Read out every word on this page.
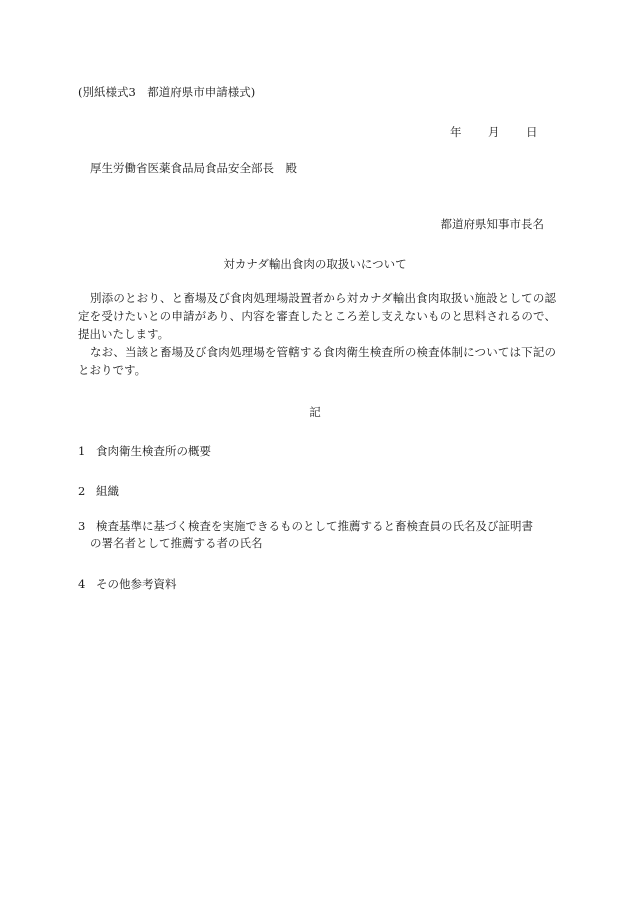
(別紙様式3　都道府県市申請様式)
年	月	日
厚生労働省医薬食品局食品安全部長　殿
都道府県知事市長名
対カナダ輸出食肉の取扱いについて

別添のとおり、と畜場及び食肉処理場設置者から対カナダ輸出食肉取扱い施設としての認定を受けたいとの申請があり、内容を審査したところ差し支えないものと思料されるので、提出いたします。

なお、当該と畜場及び食肉処理場を管轄する食肉衛生検査所の検査体制については下記のとおりです。

記
1 食肉衛生検査所の概要
2 組織
3 検査基準に基づく検査を実施できるものとして推薦すると畜検査員の氏名及び証明書
の署名者として推薦する者の氏名
4 その他参考資料
